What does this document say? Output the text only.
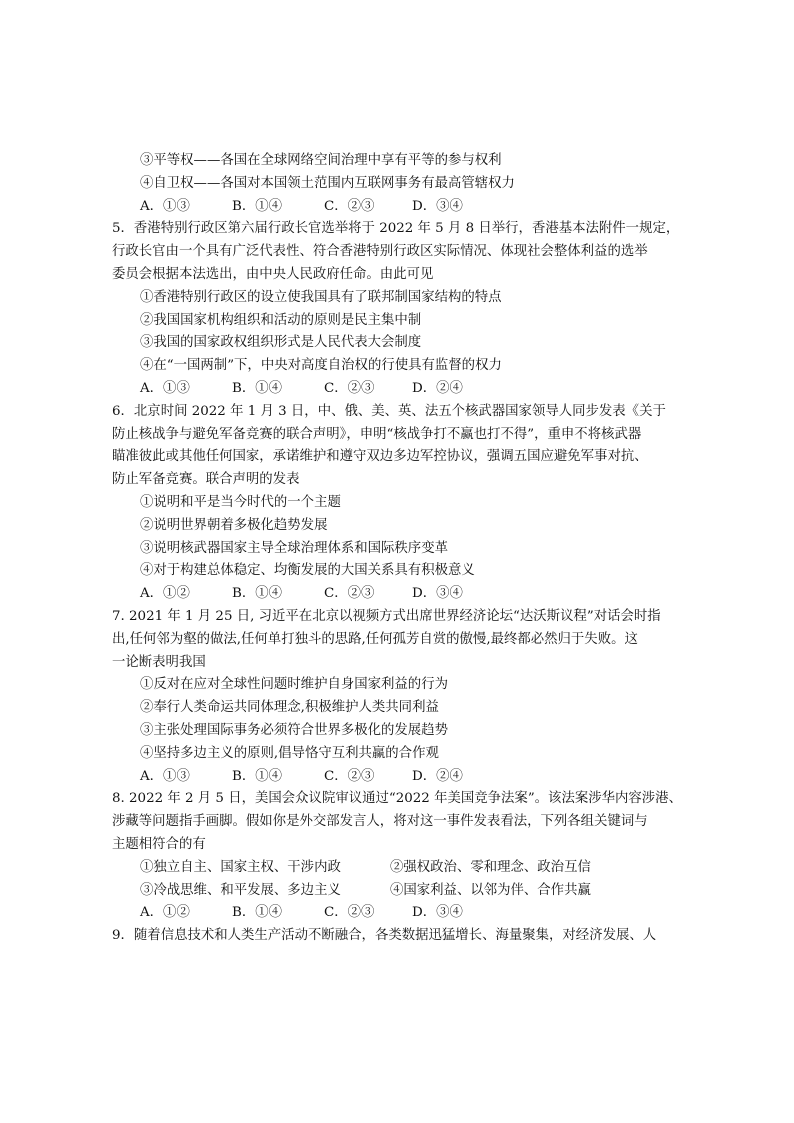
③平等权——各国在全球网络空间治理中享有平等的参与权利
④自卫权——各国对本国领土范围内互联网事务有最高管辖权力
A．①③	B．①④	C．②③	D．③④
5．香港特别行政区第六届行政长官选举将于 2022 年 5 月 8 日举行，香港基本法附件一规定，
行政长官由一个具有广泛代表性、符合香港特别行政区实际情况、体现社会整体利益的选举
委员会根据本法选出，由中央人民政府任命。由此可见
①香港特别行政区的设立使我国具有了联邦制国家结构的特点
②我国国家机构组织和活动的原则是民主集中制
③我国的国家政权组织形式是人民代表大会制度
④在“一国两制”下，中央对高度自治权的行使具有监督的权力
A．①③	B．①④	C．②③	D．②④
6．北京时间 2022 年 1 月 3 日，中、俄、美、英、法五个核武器国家领导人同步发表《关于
防止核战争与避免军备竞赛的联合声明》，申明“核战争打不赢也打不得”，重申不将核武器
瞄准彼此或其他任何国家，承诺维护和遵守双边多边军控协议，强调五国应避免军事对抗、
防止军备竞赛。联合声明的发表
①说明和平是当今时代的一个主题
②说明世界朝着多极化趋势发展
③说明核武器国家主导全球治理体系和国际秩序变革
④对于构建总体稳定、均衡发展的大国关系具有积极意义
A．①②	B．①④	C．②③	D．③④
7. 2021 年 1 月 25 日, 习近平在北京以视频方式出席世界经济论坛“达沃斯议程”对话会时指
出,任何邻为壑的做法,任何单打独斗的思路,任何孤芳自赏的傲慢,最终都必然归于失败。这
一论断表明我国
①反对在应对全球性问题时维护自身国家利益的行为
②奉行人类命运共同体理念,积极维护人类共同利益
③主张处理国际事务必须符合世界多极化的发展趋势
④坚持多边主义的原则,倡导恪守互利共赢的合作观
A．①③	B．①④	C．②③	D．②④
8. 2022 年 2 月 5 日，美国会众议院审议通过“2022 年美国竞争法案”。该法案涉华内容涉港、
涉藏等问题指手画脚。假如你是外交部发言人，将对这一事件发表看法，下列各组关键词与
主题相符合的有
①独立自主、国家主权、干涉内政	②强权政治、零和理念、政治互信
③冷战思维、和平发展、多边主义	④国家利益、以邻为伴、合作共赢
A．①②	B．①④	C．②③	D．③④
9．随着信息技术和人类生产活动不断融合，各类数据迅猛增长、海量聚集，对经济发展、人
